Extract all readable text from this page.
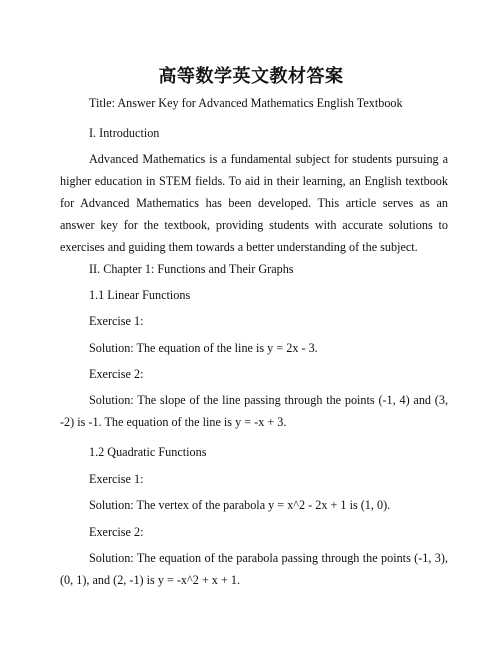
高等数学英文教材答案

Title: Answer Key for Advanced Mathematics English Textbook

I. Introduction

Advanced Mathematics is a fundamental subject for students pursuing a higher education in STEM fields. To aid in their learning, an English textbook for Advanced Mathematics has been developed. This article serves as an answer key for the textbook, providing students with accurate solutions to exercises and guiding them towards a better understanding of the subject.

II. Chapter 1: Functions and Their Graphs

1.1 Linear Functions

Exercise 1:

Solution: The equation of the line is y = 2x - 3.

Exercise 2:

Solution: The slope of the line passing through the points (-1, 4) and (3, -2) is -1. The equation of the line is y = -x + 3.

1.2 Quadratic Functions

Exercise 1:

Solution: The vertex of the parabola y = x^2 - 2x + 1 is (1, 0).

Exercise 2:

Solution: The equation of the parabola passing through the points (-1, 3), (0, 1), and (2, -1) is y = -x^2 + x + 1.
